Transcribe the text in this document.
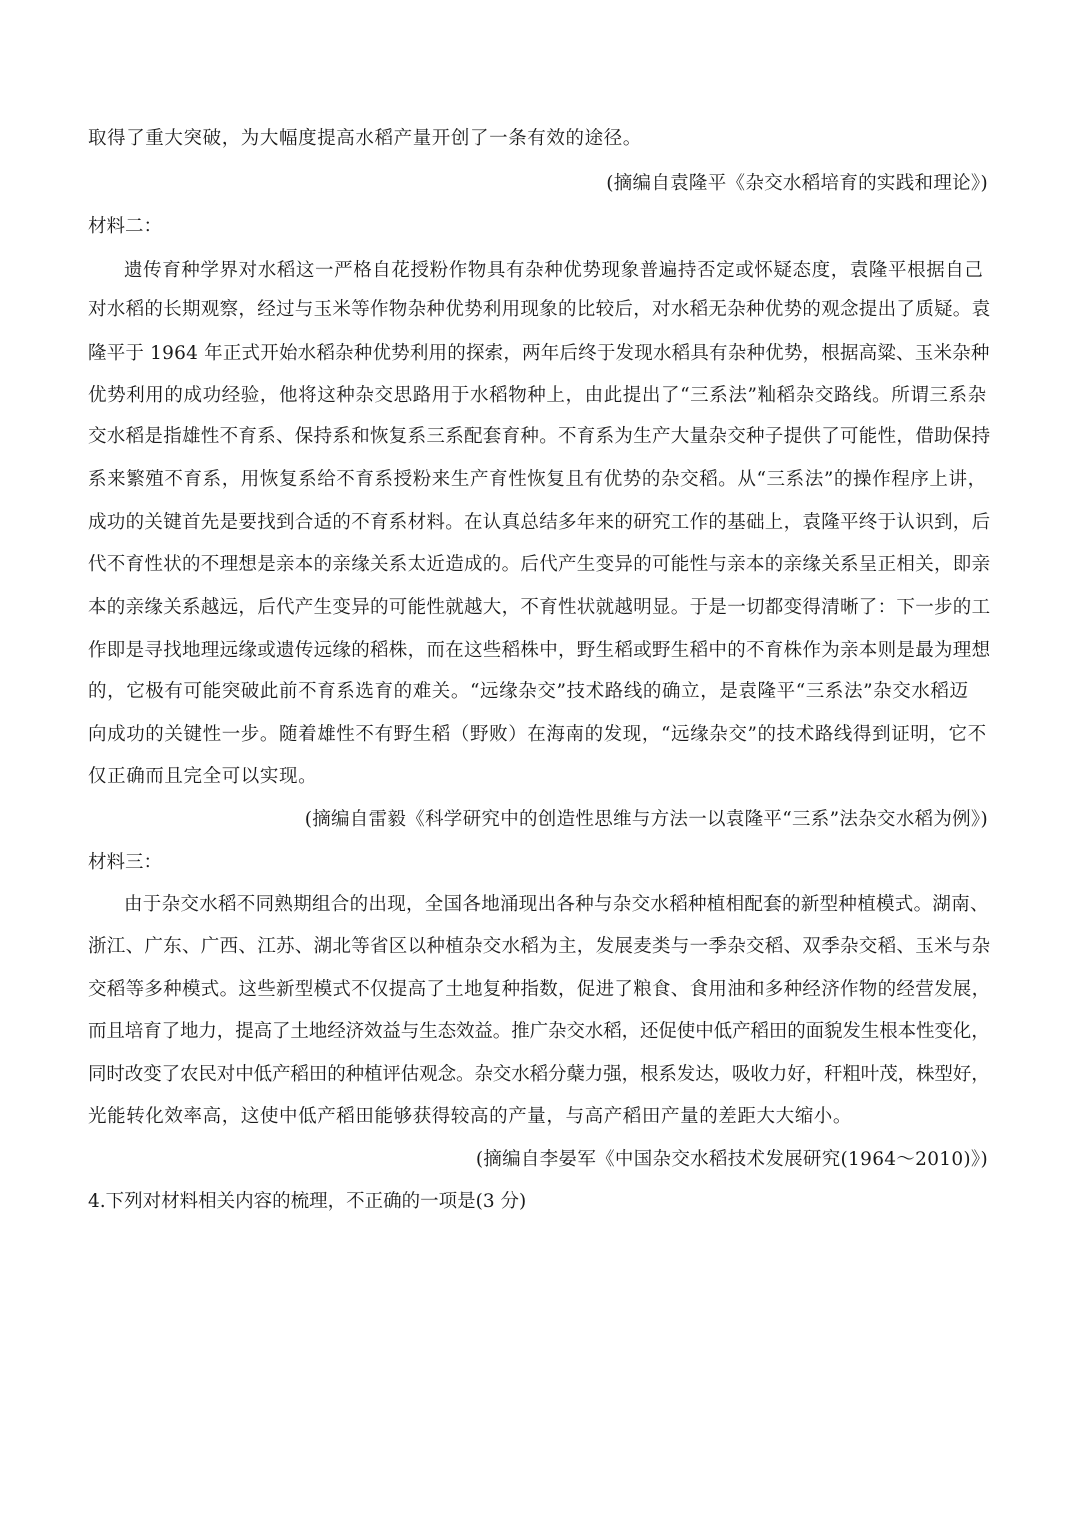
取得了重大突破，为大幅度提高水稻产量开创了一条有效的途径。
(摘编自袁隆平《杂交水稻培育的实践和理论》)
材料二：
遗传育种学界对水稻这一严格自花授粉作物具有杂种优势现象普遍持否定或怀疑态度，袁隆平根据自己
对水稻的长期观察，经过与玉米等作物杂种优势利用现象的比较后，对水稻无杂种优势的观念提出了质疑。袁
隆平于 1964 年正式开始水稻杂种优势利用的探索，两年后终于发现水稻具有杂种优势，根据高粱、玉米杂种
优势利用的成功经验，他将这种杂交思路用于水稻物种上，由此提出了“三系法”籼稻杂交路线。所谓三系杂
交水稻是指雄性不育系、保持系和恢复系三系配套育种。不育系为生产大量杂交种子提供了可能性，借助保持
系来繁殖不育系，用恢复系给不育系授粉来生产育性恢复且有优势的杂交稻。从“三系法”的操作程序上讲，
成功的关键首先是要找到合适的不育系材料。在认真总结多年来的研究工作的基础上，袁隆平终于认识到，后
代不育性状的不理想是亲本的亲缘关系太近造成的。后代产生变异的可能性与亲本的亲缘关系呈正相关，即亲
本的亲缘关系越远，后代产生变异的可能性就越大，不育性状就越明显。于是一切都变得清晰了：下一步的工
作即是寻找地理远缘或遗传远缘的稻株，而在这些稻株中，野生稻或野生稻中的不育株作为亲本则是最为理想
的，它极有可能突破此前不育系选育的难关。“远缘杂交”技术路线的确立，是袁隆平“三系法”杂交水稻迈
向成功的关键性一步。随着雄性不有野生稻（野败）在海南的发现，“远缘杂交”的技术路线得到证明，它不
仅正确而且完全可以实现。
(摘编自雷毅《科学研究中的创造性思维与方法一以袁隆平“三系”法杂交水稻为例》)
材料三：
由于杂交水稻不同熟期组合的出现，全国各地涌现出各种与杂交水稻种植相配套的新型种植模式。湖南、
浙江、广东、广西、江苏、湖北等省区以种植杂交水稻为主，发展麦类与一季杂交稻、双季杂交稻、玉米与杂
交稻等多种模式。这些新型模式不仅提高了土地复种指数，促进了粮食、食用油和多种经济作物的经营发展，
而且培育了地力，提高了土地经济效益与生态效益。推广杂交水稻，还促使中低产稻田的面貌发生根本性变化，
同时改变了农民对中低产稻田的种植评估观念。杂交水稻分蘖力强，根系发达，吸收力好，秆粗叶茂，株型好，
光能转化效率高，这使中低产稻田能够获得较高的产量，与高产稻田产量的差距大大缩小。
(摘编自李晏军《中国杂交水稻技术发展研究(1964～2010)》)
4.下列对材料相关内容的梳理，不正确的一项是(3 分)
